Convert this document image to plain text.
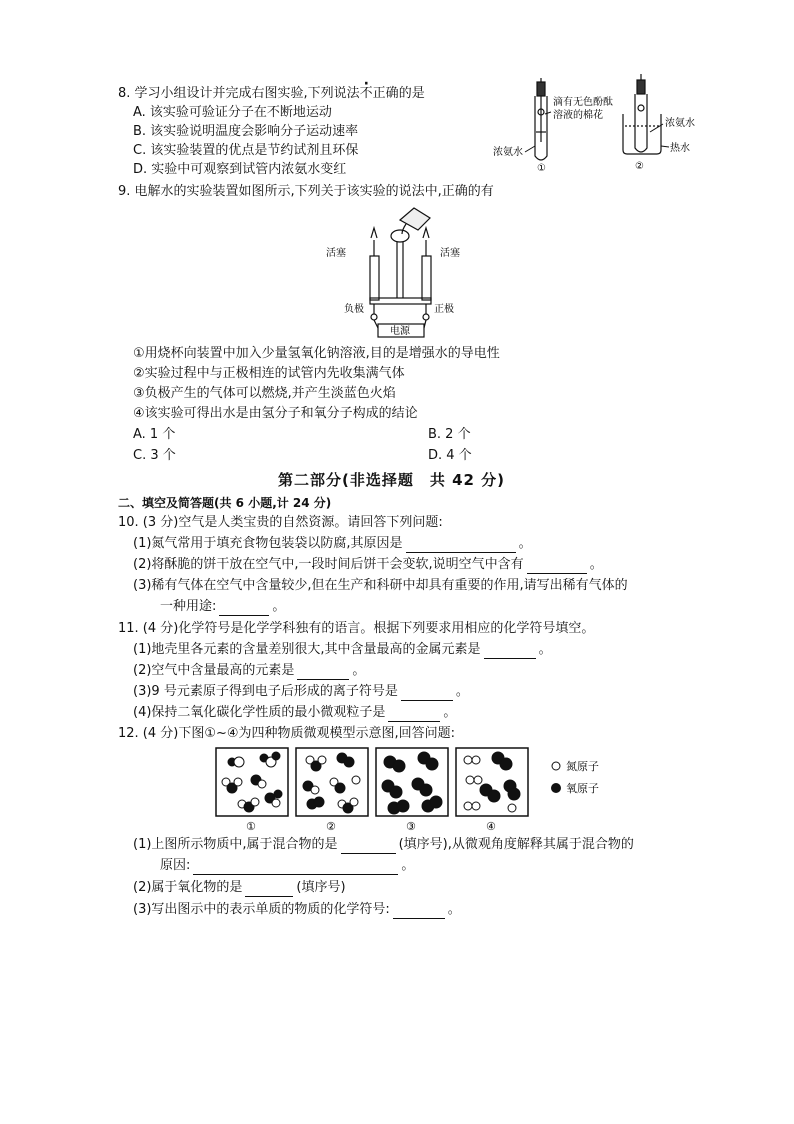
8. 学习小组设计并完成右图实验,下列说法不正确的是
A. 该实验可验证分子在不断地运动
B. 该实验说明温度会影响分子运动速率
C. 该实验装置的优点是节约试剂且环保
D. 实验中可观察到试管内浓氨水变红
浓氨水
①
滴有无色酚酞
溶液的棉花
浓氨水
热水
②
9. 电解水的实验装置如图所示,下列关于该实验的说法中,正确的有
活塞	活塞
负极	正极
电源
①用烧杯向装置中加入少量氢氧化钠溶液,目的是增强水的导电性
②实验过程中与正极相连的试管内先收集满气体
③负极产生的气体可以燃烧,并产生淡蓝色火焰
④该实验可得出水是由氢分子和氧分子构成的结论
A. 1 个	B. 2 个
C. 3 个	D. 4 个
第二部分(非选择题　共 42 分)
二、填空及简答题(共 6 小题,计 24 分)
10. (3 分)空气是人类宝贵的自然资源。请回答下列问题:
(1)氮气常用于填充食物包装袋以防腐,其原因是	。
(2)将酥脆的饼干放在空气中,一段时间后饼干会变软,说明空气中含有	。
(3)稀有气体在空气中含量较少,但在生产和科研中却具有重要的作用,请写出稀有气体的
一种用途:	。
11. (4 分)化学符号是化学学科独有的语言。根据下列要求用相应的化学符号填空。
(1)地壳里各元素的含量差别很大,其中含量最高的金属元素是	。
(2)空气中含量最高的元素是	。
(3)9 号元素原子得到电子后形成的离子符号是	。
(4)保持二氧化碳化学性质的最小微观粒子是	。
12. (4 分)下图①~④为四种物质微观模型示意图,回答问题:
氮原子
氧原子
①	②	③	④
(1)上图所示物质中,属于混合物的是	(填序号),从微观角度解释其属于混合物的
原因:	。
(2)属于氧化物的是	(填序号)
(3)写出图示中的表示单质的物质的化学符号:	。
